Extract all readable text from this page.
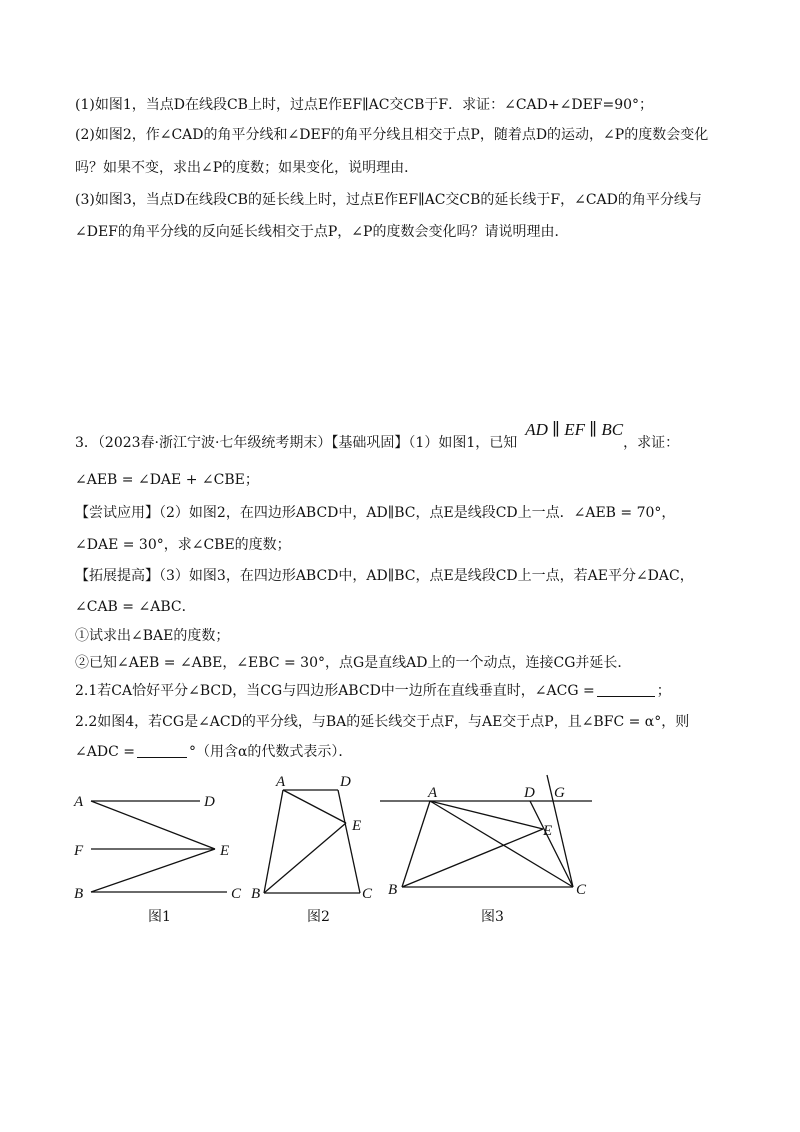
(1)如图1，当点D在线段CB上时，过点E作EF∥AC交CB于F．求证：∠CAD+∠DEF=90°；
(2)如图2，作∠CAD的角平分线和∠DEF的角平分线且相交于点P，随着点D的运动，∠P的度数会变化
吗？如果不变，求出∠P的度数；如果变化，说明理由．
(3)如图3，当点D在线段CB的延长线上时，过点E作EF∥AC交CB的延长线于F，∠CAD的角平分线与
∠DEF的角平分线的反向延长线相交于点P，∠P的度数会变化吗？请说明理由．
3．（2023春·浙江宁波·七年级统考期末）【基础巩固】（1）如图1，已知AD ∥ EF ∥ BC，求证：
∠AEB = ∠DAE + ∠CBE；
【尝试应用】（2）如图2，在四边形ABCD中，AD∥BC，点E是线段CD上一点．∠AEB = 70°，
∠DAE = 30°，求∠CBE的度数；
【拓展提高】（3）如图3，在四边形ABCD中，AD∥BC，点E是线段CD上一点，若AE平分∠DAC，
∠CAB = ∠ABC．
①试求出∠BAE的度数；
②已知∠AEB = ∠ABE，∠EBC = 30°，点G是直线AD上的一个动点，连接CG并延长．
2.1若CA恰好平分∠BCD，当CG与四边形ABCD中一边所在直线垂直时，∠ACG =	；
2.2如图4，若CG是∠ACD的平分线，与BA的延长线交于点F，与AE交于点P，且∠BFC = α°，则
∠ADC =	°（用含α的代数式表示）．
A	D
F	E
B	C
图1
A	D
E
B	C
图2
A	D G
E
B	C
图3
